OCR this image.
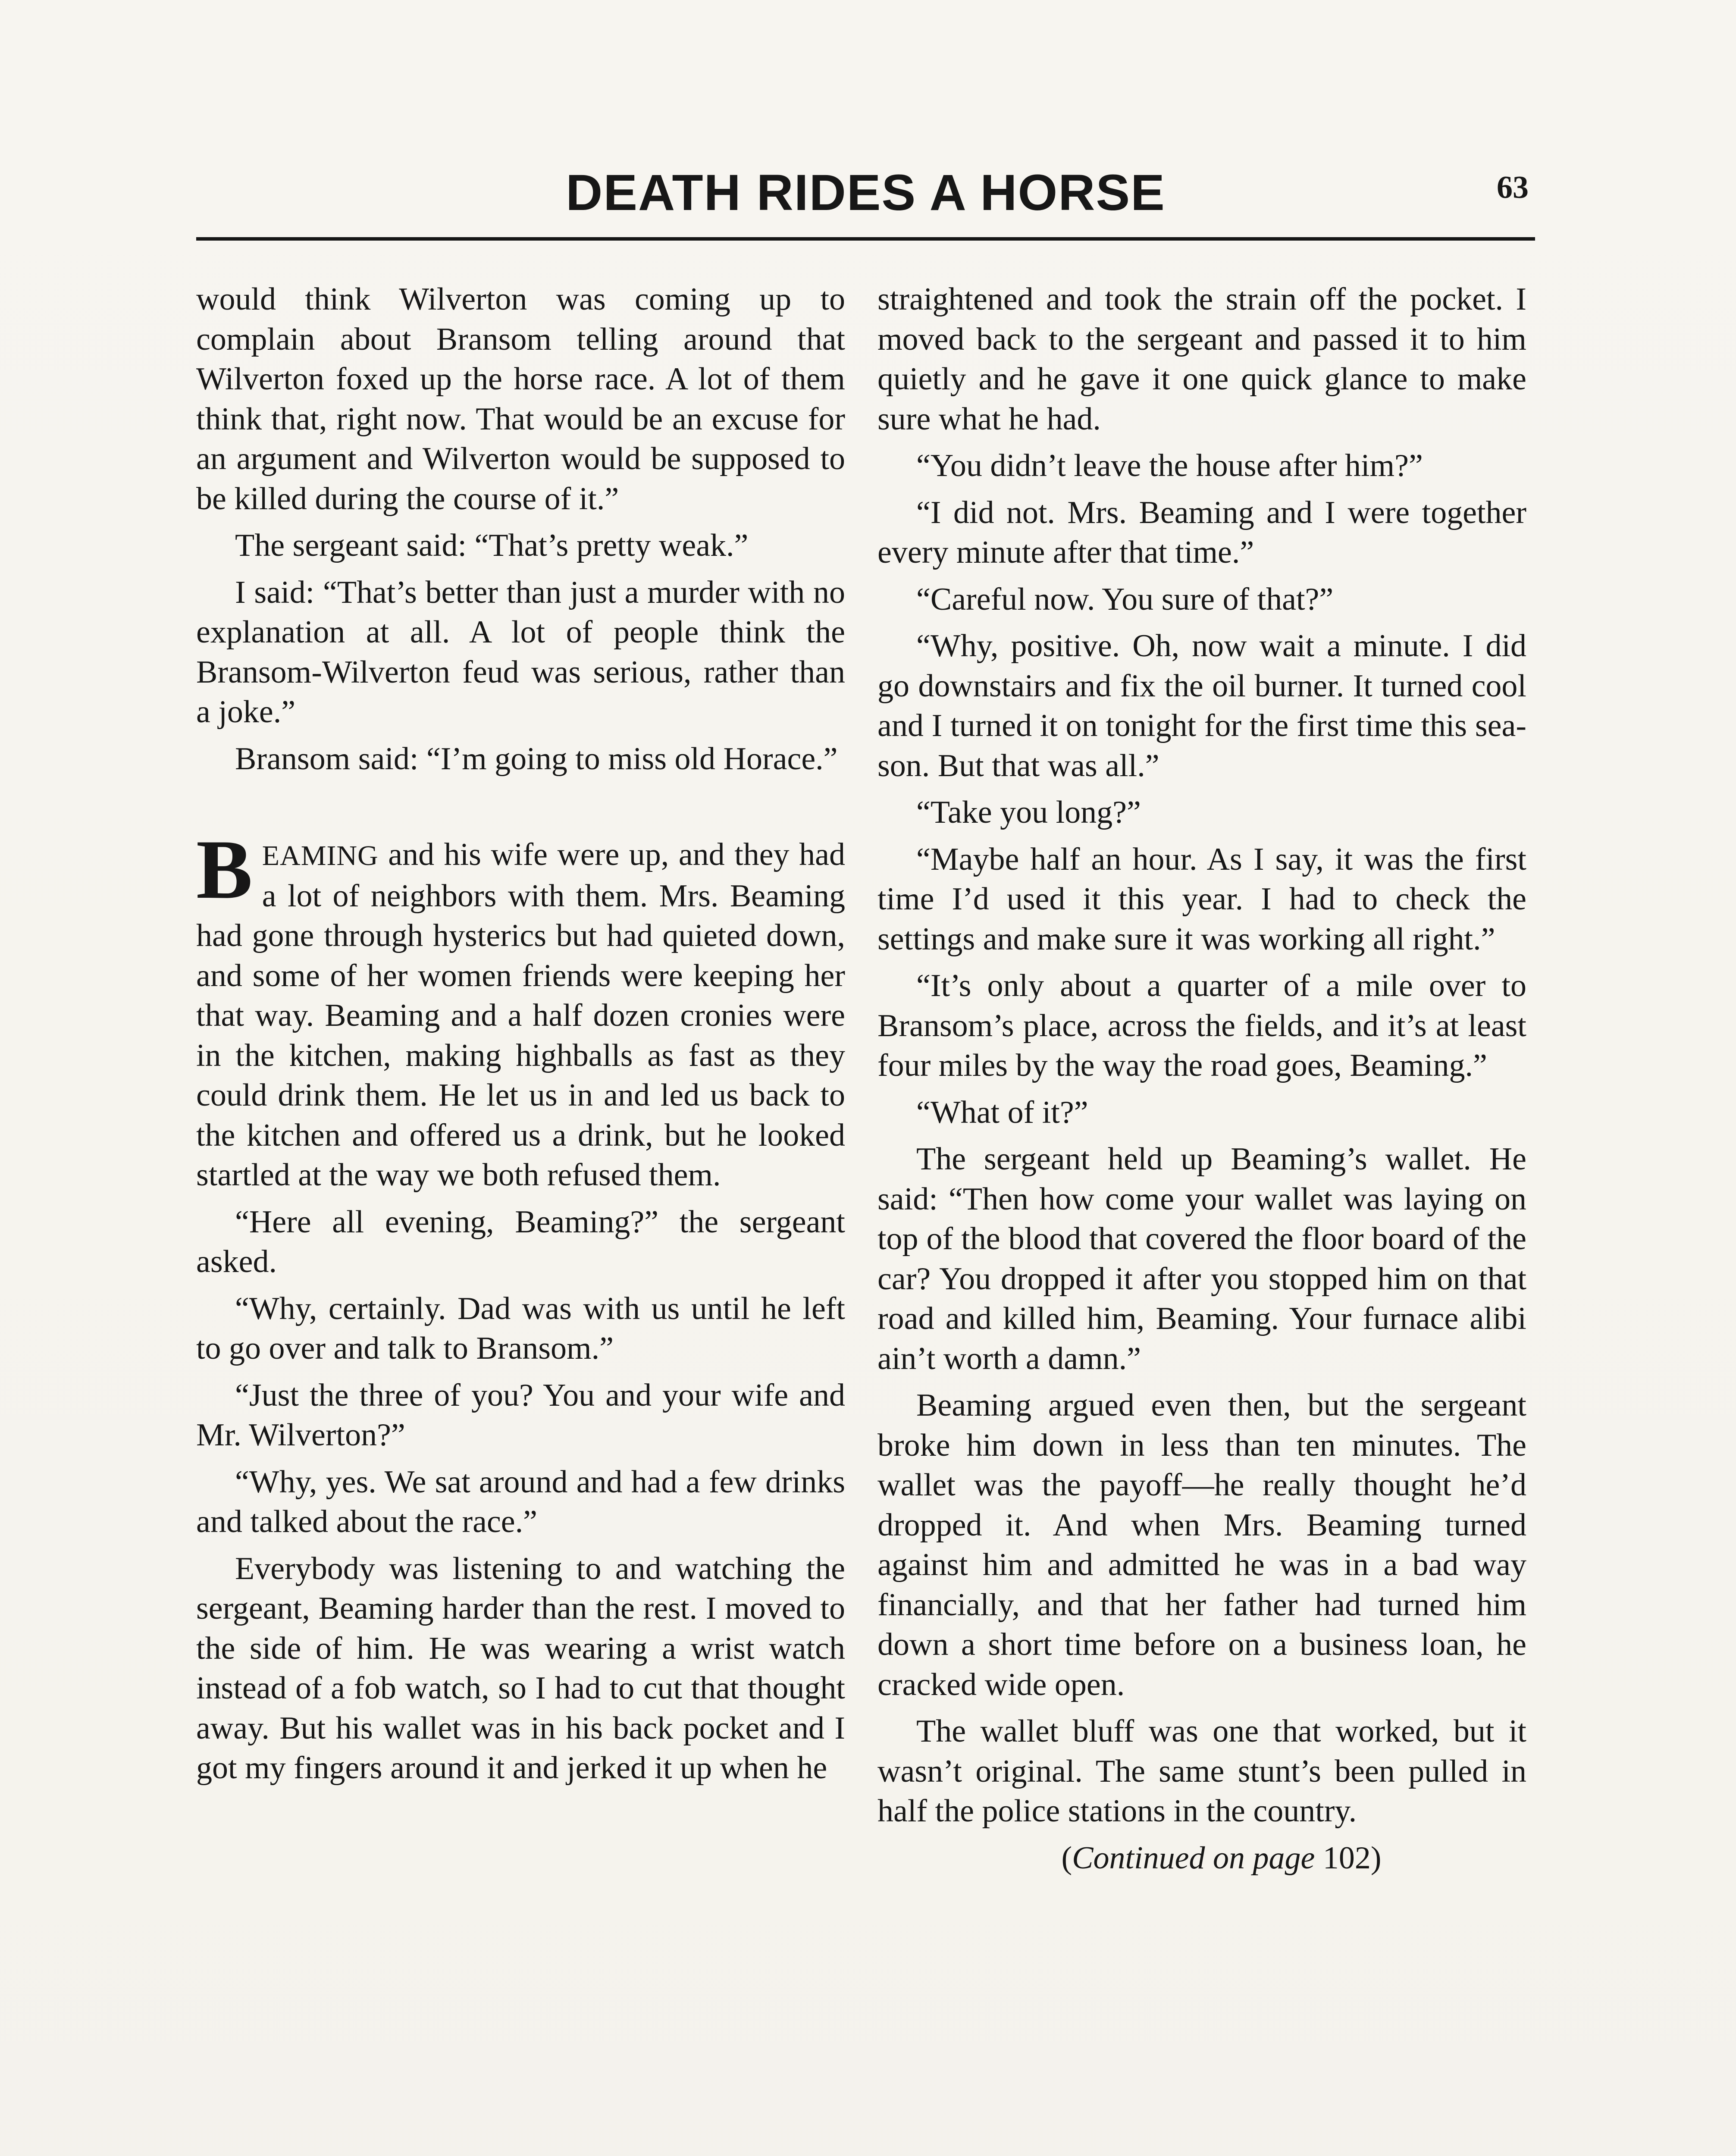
DEATH RIDES A HORSE	63

would think Wilverton was coming up to complain about Bransom telling around that Wilverton foxed up the horse race. A lot of them think that, right now. That would be an excuse for an argument and Wilverton would be supposed to be killed during the course of it.”

The sergeant said: “That’s pretty weak.”

I said: “That’s better than just a murder with no explanation at all. A lot of people think the Bransom-Wilverton feud was serious, rather than a joke.”

Bransom said: “I’m going to miss old Horace.”

BEAMING and his wife were up, and they had a lot of neighbors with them. Mrs. Beaming had gone through hysterics but had quieted down, and some of her women friends were keeping her that way. Beaming and a half dozen cronies were in the kitchen, making highballs as fast as they could drink them. He let us in and led us back to the kitchen and offered us a drink, but he looked startled at the way we both refused them.

“Here all evening, Beaming?” the sergeant asked.

“Why, certainly. Dad was with us until he left to go over and talk to Bransom.”

“Just the three of you? You and your wife and Mr. Wilverton?”

“Why, yes. We sat around and had a few drinks and talked about the race.”

Everybody was listening to and watching the sergeant, Beaming harder than the rest. I moved to the side of him. He was wearing a wrist watch instead of a fob watch, so I had to cut that thought away. But his wallet was in his back pocket and I got my fingers around it and jerked it up when he

straightened and took the strain off the pocket. I moved back to the sergeant and passed it to him quietly and he gave it one quick glance to make sure what he had.

“You didn’t leave the house after him?”

“I did not. Mrs. Beaming and I were together every minute after that time.”

“Careful now. You sure of that?”

“Why, positive. Oh, now wait a minute. I did go downstairs and fix the oil burner. It turned cool and I turned it on tonight for the first time this season. But that was all.”

“Take you long?”

“Maybe half an hour. As I say, it was the first time I’d used it this year. I had to check the settings and make sure it was working all right.”

“It’s only about a quarter of a mile over to Bransom’s place, across the fields, and it’s at least four miles by the way the road goes, Beaming.”

“What of it?”

The sergeant held up Beaming’s wallet. He said: “Then how come your wallet was laying on top of the blood that covered the floor board of the car? You dropped it after you stopped him on that road and killed him, Beaming. Your furnace alibi ain’t worth a damn.”

Beaming argued even then, but the sergeant broke him down in less than ten minutes. The wallet was the payoff—he really thought he’d dropped it. And when Mrs. Beaming turned against him and admitted he was in a bad way financially, and that her father had turned him down a short time before on a business loan, he cracked wide open.

The wallet bluff was one that worked, but it wasn’t original. The same stunt’s been pulled in half the police stations in the country.

(Continued on page 102)
